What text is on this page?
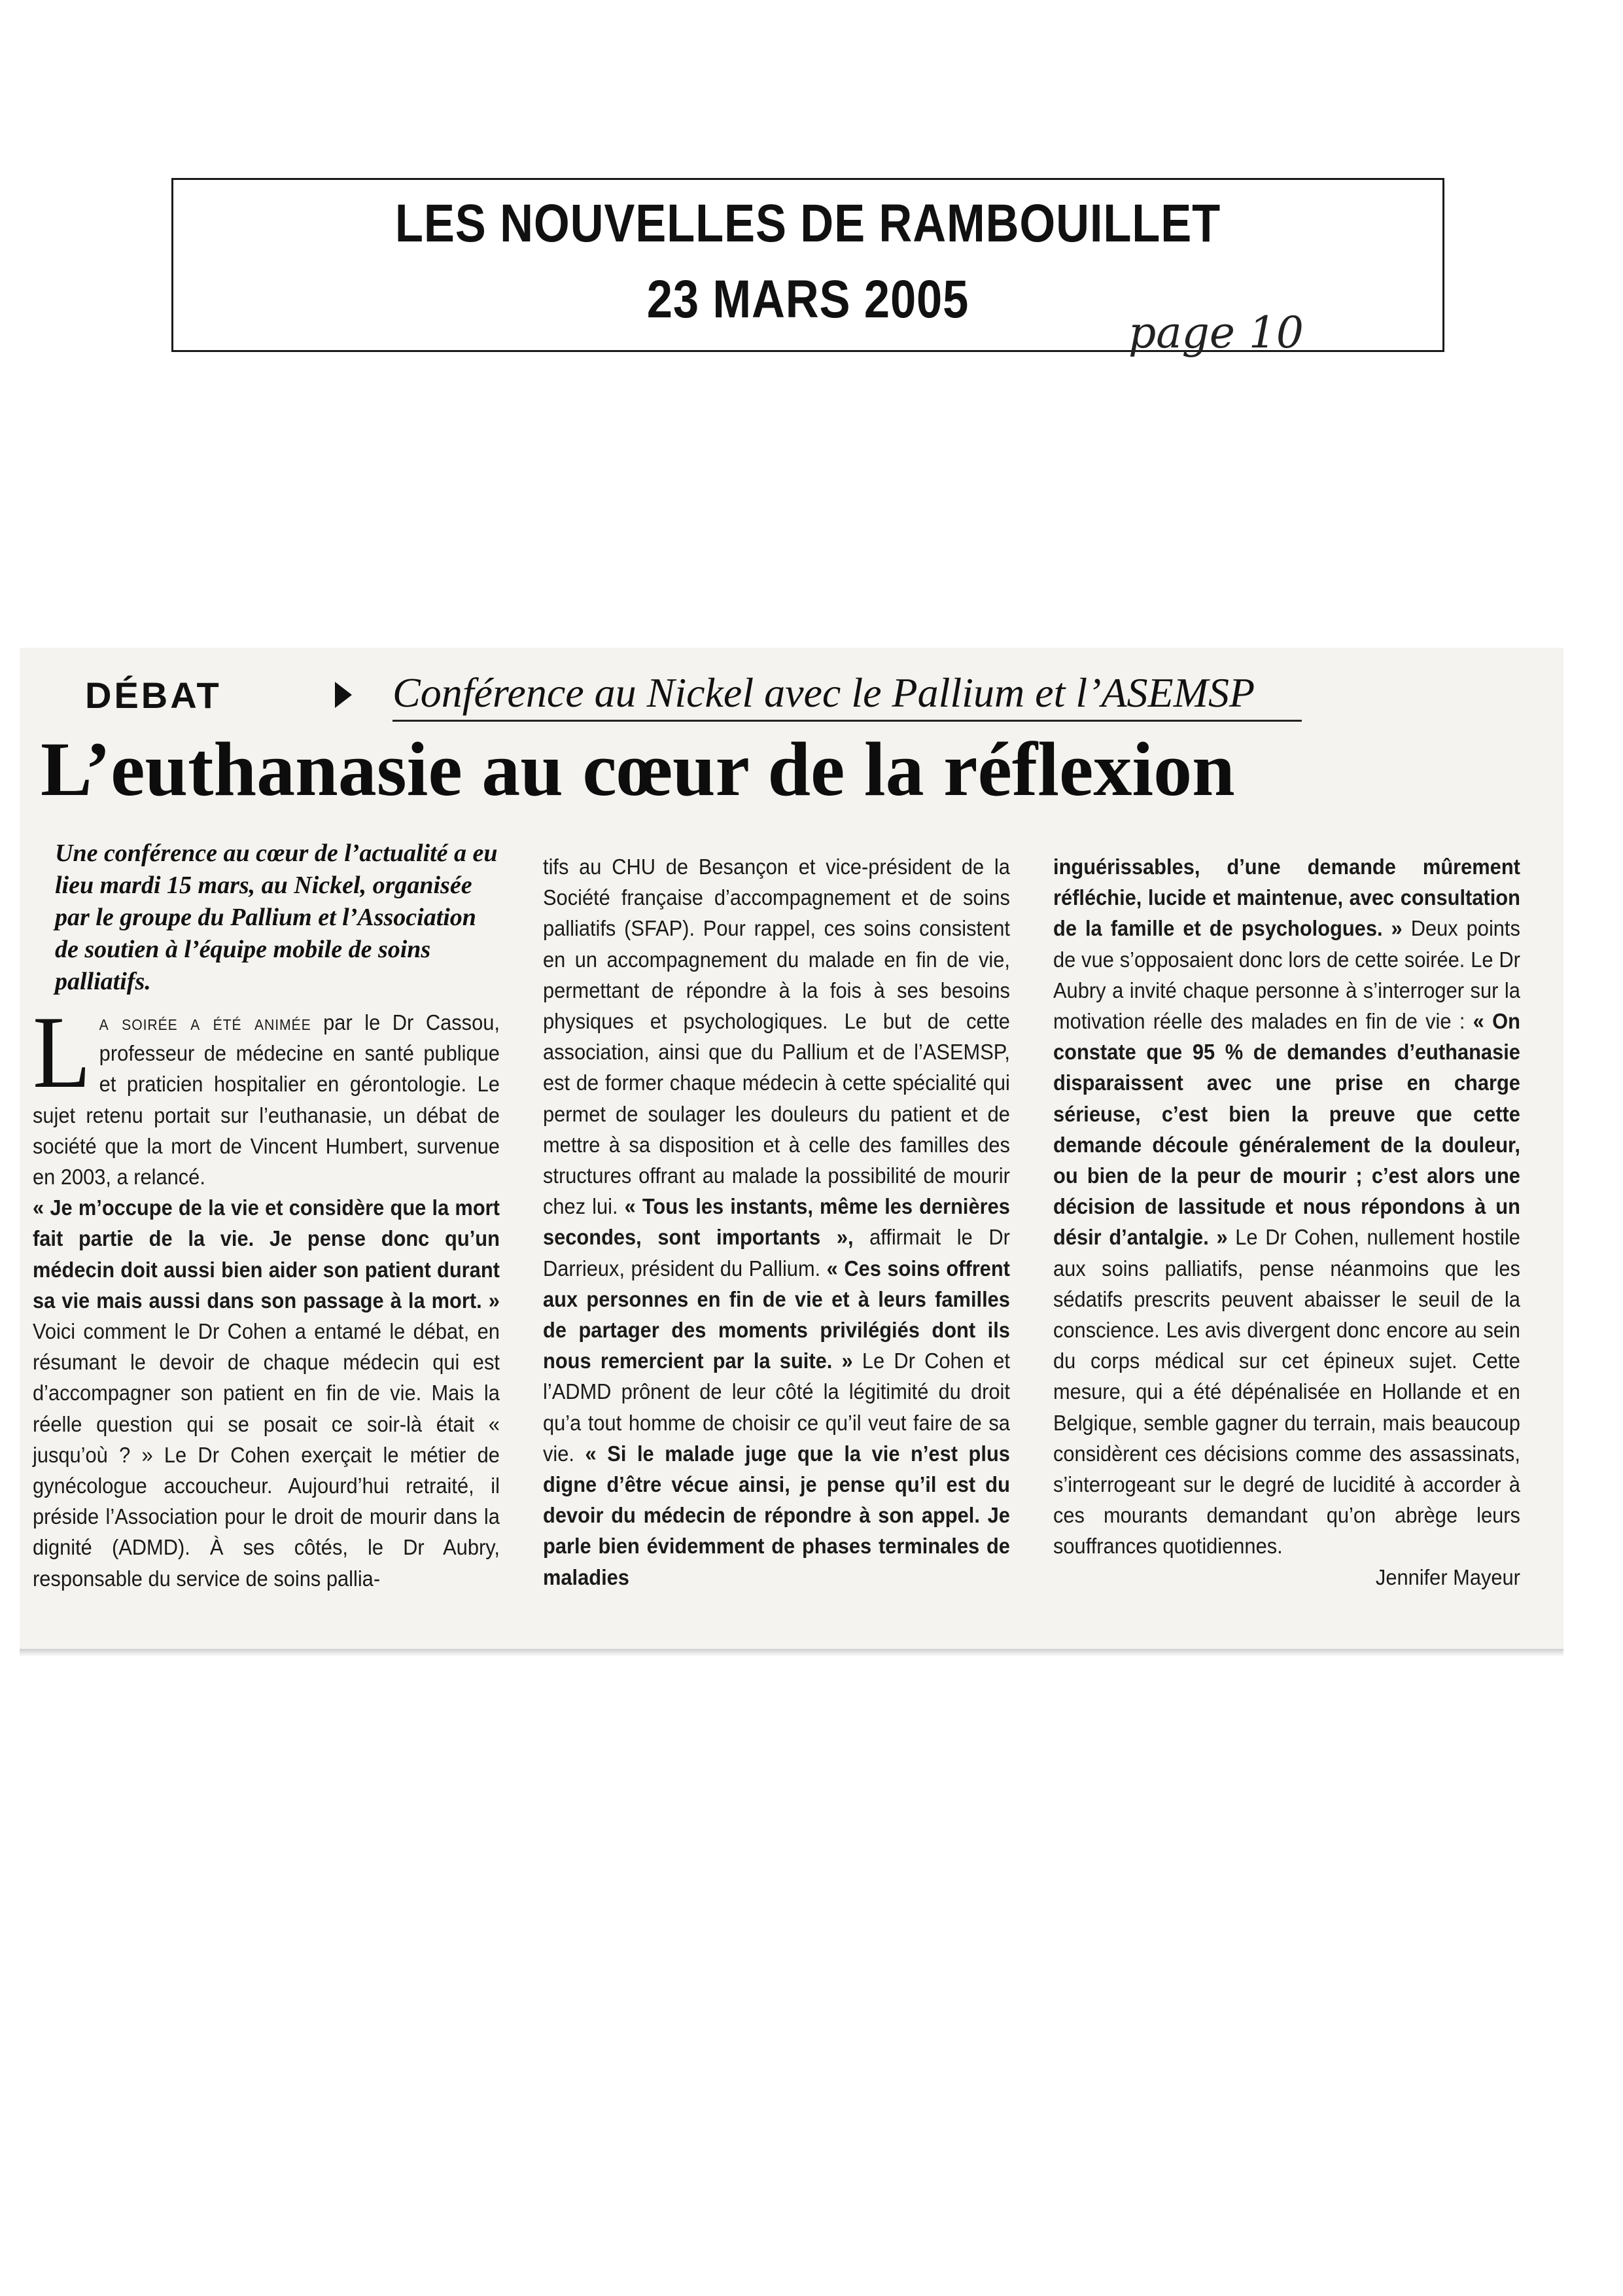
LES NOUVELLES DE RAMBOUILLET
23 MARS 2005
page 10
DÉBAT	Conférence au Nickel avec le Pallium et l’ASEMSP
L’euthanasie au cœur de la réflexion
Une conférence au cœur de l’actualité a eu lieu mardi 15 mars, au Nickel, organisée par le groupe du Pallium et l’Association de soutien à l’équipe mobile de soins palliatifs.

La soirée a été animée par le Dr Cassou, professeur de médecine en santé publique et praticien hospitalier en gérontologie. Le sujet retenu portait sur l’euthanasie, un débat de société que la mort de Vincent Humbert, survenue en 2003, a relancé.

« Je m’occupe de la vie et considère que la mort fait partie de la vie. Je pense donc qu’un médecin doit aussi bien aider son patient durant sa vie mais aussi dans son passage à la mort. » Voici comment le Dr Cohen a entamé le débat, en résumant le devoir de chaque médecin qui est d’accompagner son patient en fin de vie. Mais la réelle question qui se posait ce soir-là était « jusqu’où ? » Le Dr Cohen exerçait le métier de gynécologue accoucheur. Aujourd’hui retraité, il préside l’Association pour le droit de mourir dans la dignité (ADMD). À ses côtés, le Dr Aubry, responsable du service de soins pallia-

tifs au CHU de Besançon et vice-président de la Société française d’accompagnement et de soins palliatifs (SFAP). Pour rappel, ces soins consistent en un accompagnement du malade en fin de vie, permettant de répondre à la fois à ses besoins physiques et psychologiques. Le but de cette association, ainsi que du Pallium et de l’ASEMSP, est de former chaque médecin à cette spécialité qui permet de soulager les douleurs du patient et de mettre à sa disposition et à celle des familles des structures offrant au malade la possibilité de mourir chez lui. « Tous les instants, même les dernières secondes, sont importants », affirmait le Dr Darrieux, président du Pallium. « Ces soins offrent aux personnes en fin de vie et à leurs familles de partager des moments privilégiés dont ils nous remercient par la suite. » Le Dr Cohen et l’ADMD prônent de leur côté la légitimité du droit qu’a tout homme de choisir ce qu’il veut faire de sa vie. « Si le malade juge que la vie n’est plus digne d’être vécue ainsi, je pense qu’il est du devoir du médecin de répondre à son appel. Je parle bien évidemment de phases terminales de maladies

inguérissables, d’une demande mûrement réfléchie, lucide et maintenue, avec consultation de la famille et de psychologues. » Deux points de vue s’opposaient donc lors de cette soirée. Le Dr Aubry a invité chaque personne à s’interroger sur la motivation réelle des malades en fin de vie : « On constate que 95 % de demandes d’euthanasie disparaissent avec une prise en charge sérieuse, c’est bien la preuve que cette demande découle généralement de la douleur, ou bien de la peur de mourir ; c’est alors une décision de lassitude et nous répondons à un désir d’antalgie. » Le Dr Cohen, nullement hostile aux soins palliatifs, pense néanmoins que les sédatifs prescrits peuvent abaisser le seuil de la conscience. Les avis divergent donc encore au sein du corps médical sur cet épineux sujet. Cette mesure, qui a été dépénalisée en Hollande et en Belgique, semble gagner du terrain, mais beaucoup considèrent ces décisions comme des assassinats, s’interrogeant sur le degré de lucidité à accorder à ces mourants demandant qu’on abrège leurs souffrances quotidiennes.

Jennifer Mayeur
